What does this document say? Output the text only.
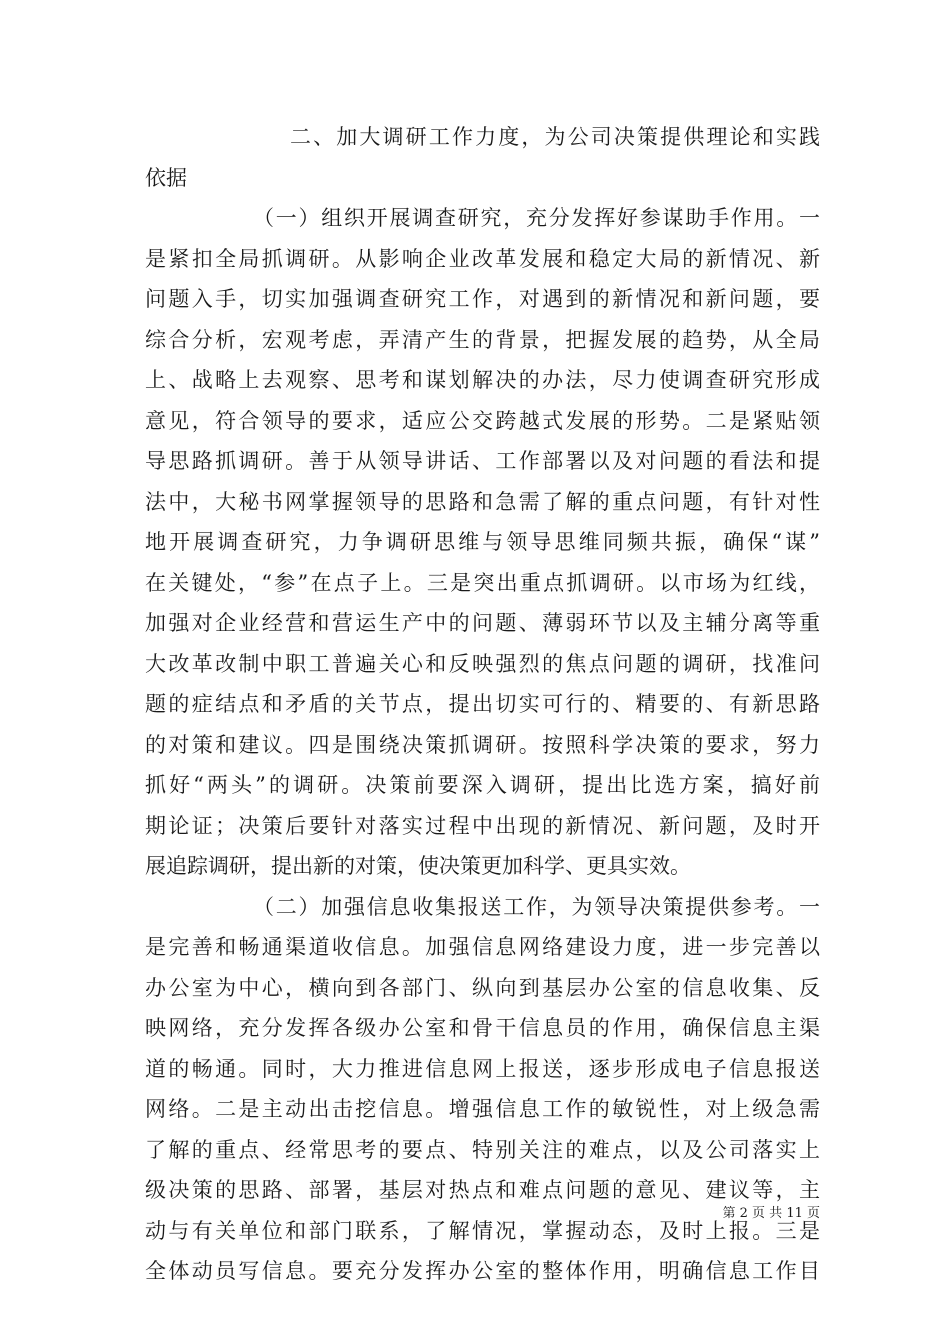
二、加大调研工作力度，为公司决策提供理论和实践
依据
（一）组织开展调查研究，充分发挥好参谋助手作用。一
是紧扣全局抓调研。从影响企业改革发展和稳定大局的新情况、新
问题入手，切实加强调查研究工作，对遇到的新情况和新问题，要
综合分析，宏观考虑，弄清产生的背景，把握发展的趋势，从全局
上、战略上去观察、思考和谋划解决的办法，尽力使调查研究形成
意见，符合领导的要求，适应公交跨越式发展的形势。二是紧贴领
导思路抓调研。善于从领导讲话、工作部署以及对问题的看法和提
法中，大秘书网掌握领导的思路和急需了解的重点问题，有针对性
地开展调查研究，力争调研思维与领导思维同频共振，确保“谋”
在关键处，“参”在点子上。三是突出重点抓调研。以市场为红线，
加强对企业经营和营运生产中的问题、薄弱环节以及主辅分离等重
大改革改制中职工普遍关心和反映强烈的焦点问题的调研，找准问
题的症结点和矛盾的关节点，提出切实可行的、精要的、有新思路
的对策和建议。四是围绕决策抓调研。按照科学决策的要求，努力
抓好“两头”的调研。决策前要深入调研，提出比选方案，搞好前
期论证；决策后要针对落实过程中出现的新情况、新问题，及时开
展追踪调研，提出新的对策，使决策更加科学、更具实效。
（二）加强信息收集报送工作，为领导决策提供参考。一
是完善和畅通渠道收信息。加强信息网络建设力度，进一步完善以
办公室为中心，横向到各部门、纵向到基层办公室的信息收集、反
映网络，充分发挥各级办公室和骨干信息员的作用，确保信息主渠
道的畅通。同时，大力推进信息网上报送，逐步形成电子信息报送
网络。二是主动出击挖信息。增强信息工作的敏锐性，对上级急需
了解的重点、经常思考的要点、特别关注的难点，以及公司落实上
级决策的思路、部署，基层对热点和难点问题的意见、建议等，主
动与有关单位和部门联系，了解情况，掌握动态，及时上报。三是
全体动员写信息。要充分发挥办公室的整体作用，明确信息工作目
第 2 页 共 11 页
